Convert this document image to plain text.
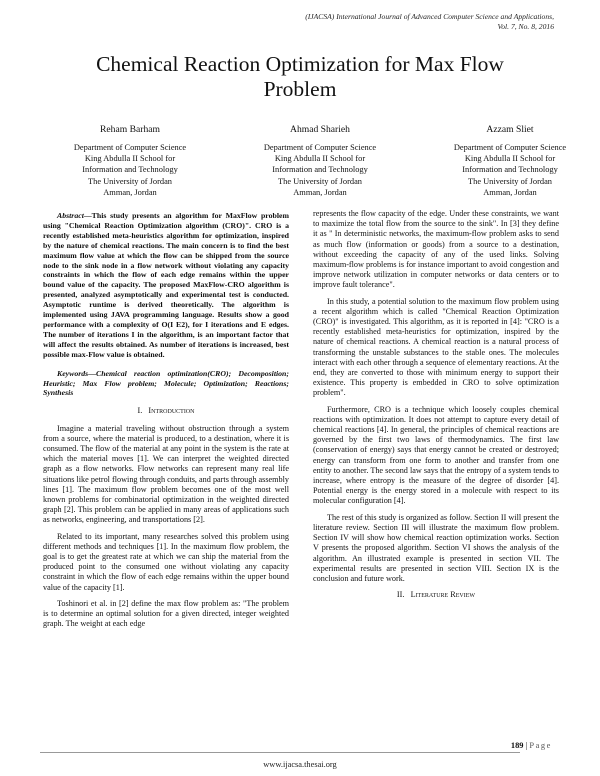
(IJACSA) International Journal of Advanced Computer Science and Applications,
Vol. 7, No. 8, 2016
Chemical Reaction Optimization for Max Flow
Problem
Reham Barham
Department of Computer Science
King Abdulla II School for
Information and Technology
The University of Jordan
Amman, Jordan
Ahmad Sharieh
Department of Computer Science
King Abdulla II School for
Information and Technology
The University of Jordan
Amman, Jordan
Azzam Sliet
Department of Computer Science
King Abdulla II School for
Information and Technology
The University of Jordan
Amman, Jordan

Abstract—This study presents an algorithm for MaxFlow problem using "Chemical Reaction Optimization algorithm (CRO)". CRO is a recently established meta-heuristics algorithm for optimization, inspired by the nature of chemical reactions. The main concern is to find the best maximum flow value at which the flow can be shipped from the source node to the sink node in a flow network without violating any capacity constraints in which the flow of each edge remains within the upper bound value of the capacity. The proposed MaxFlow-CRO algorithm is presented, analyzed asymptotically and experimental test is conducted. Asymptotic runtime is derived theoretically. The algorithm is implemented using JAVA programming language. Results show a good performance with a complexity of O(I E2), for I iterations and E edges. The number of iterations I in the algorithm, is an important factor that will affect the results obtained. As number of iterations is increased, best possible max-Flow value is obtained.

Keywords—Chemical reaction optimization(CRO); Decomposition; Heuristic; Max Flow problem; Molecule; Optimization; Reactions; Synthesis

I. Introduction

Imagine a material traveling without obstruction through a system from a source, where the material is produced, to a destination, where it is consumed. The flow of the material at any point in the system is the rate at which the material moves [1]. We can interpret the weighted directed graph as a flow networks. Flow networks can represent many real life situations like petrol flowing through conduits, and parts through assembly lines [1]. The maximum flow problem becomes one of the most well known problems for combinatorial optimization in the weighted directed graph [2]. This problem can be applied in many areas of applications such as networks, engineering, and transportations [2].

Related to its important, many researches solved this problem using different methods and techniques [1]. In the maximum flow problem, the goal is to get the greatest rate at which we can ship the material from the produced point to the consumed one without violating any capacity constraint in which the flow of each edge remains within the upper bound value of the capacity [1].

Toshinori et al. in [2] define the max flow problem as: "The problem is to determine an optimal solution for a given directed, integer weighted graph. The weight at each edge

represents the flow capacity of the edge. Under these constraints, we want to maximize the total flow from the source to the sink". In [3] they define it as " In deterministic networks, the maximum-flow problem asks to send as much flow (information or goods) from a source to a destination, without exceeding the capacity of any of the used links. Solving maximum-flow problems is for instance important to avoid congestion and improve network utilization in computer networks or data centers or to improve fault tolerance".

In this study, a potential solution to the maximum flow problem using a recent algorithm which is called "Chemical Reaction Optimization (CRO)" is investigated. This algorithm, as it is reported in [4]: "CRO is a recently established meta-heuristics for optimization, inspired by the nature of chemical reactions. A chemical reaction is a natural process of transforming the unstable substances to the stable ones. The molecules interact with each other through a sequence of elementary reactions. At the end, they are converted to those with minimum energy to support their existence. This property is embedded in CRO to solve optimization problem".

Furthermore, CRO is a technique which loosely couples chemical reactions with optimization. It does not attempt to capture every detail of chemical reactions [4]. In general, the principles of chemical reactions are governed by the first two laws of thermodynamics. The first law (conservation of energy) says that energy cannot be created or destroyed; energy can transform from one form to another and transfer from one entity to another. The second law says that the entropy of a system tends to increase, where entropy is the measure of the degree of disorder [4]. Potential energy is the energy stored in a molecule with respect to its molecular configuration [4].

The rest of this study is organized as follow. Section II will present the literature review. Section III will illustrate the maximum flow problem. Section IV will show how chemical reaction optimization works. Section V presents the proposed algorithm. Section VI shows the analysis of the algorithm. An illustrated example is presented in section VII. The experimental results are presented in section VIII. Section IX is the conclusion and future work.

II. Literature Review
189 | Page
www.ijacsa.thesai.org
